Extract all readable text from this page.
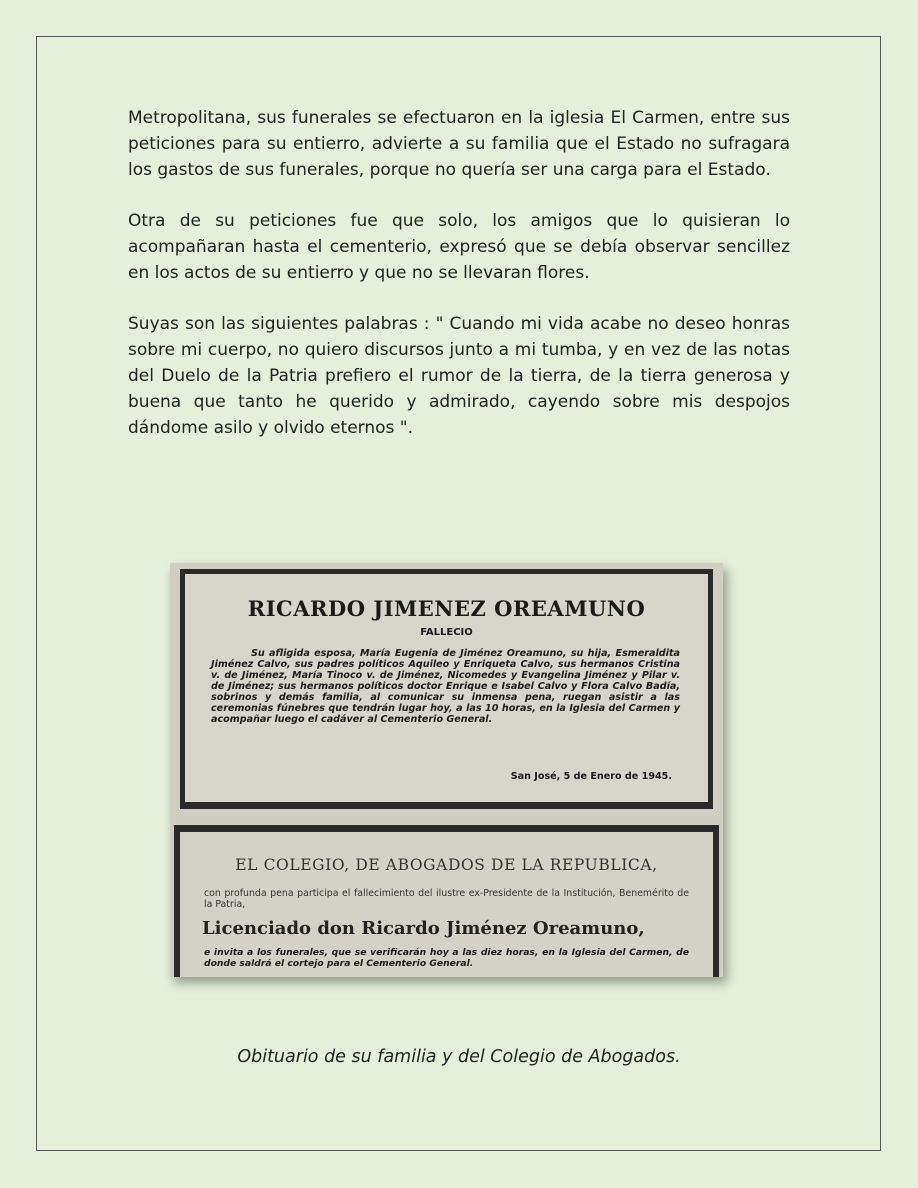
Metropolitana, sus funerales se efectuaron en la iglesia El Carmen, entre sus peticiones para su entierro, advierte a su familia que el Estado no sufragara los gastos de sus funerales, porque no quería ser una carga para el Estado.

Otra de su peticiones fue que solo, los amigos que lo quisieran lo acompañaran hasta el cementerio, expresó que se debía observar sencillez en los actos de su entierro y que no se llevaran flores.

Suyas son las siguientes palabras : " Cuando mi vida acabe no deseo honras sobre mi cuerpo, no quiero discursos junto a mi tumba, y en vez de las notas del Duelo de la Patria prefiero el rumor de la tierra, de la tierra generosa y buena que tanto he querido y admirado, cayendo sobre mis despojos dándome asilo y olvido eternos ".

RICARDO JIMENEZ OREAMUNO
FALLECIO
Su afligida esposa, María Eugenia de Jiménez Oreamuno, su hija, Esmeraldita Jiménez Calvo, sus padres políticos Aquileo y Enriqueta Calvo, sus hermanos Cristina v. de Jiménez, María Tinoco v. de Jiménez, Nicomedes y Evangelina Jiménez y Pilar v. de Jiménez; sus hermanos políticos doctor Enrique e Isabel Calvo y Flora Calvo Badía, sobrinos y demás familia, al comunicar su inmensa pena, ruegan asistir a las ceremonias fúnebres que tendrán lugar hoy, a las 10 horas, en la Iglesia del Carmen y acompañar luego el cadáver al Cementerio General.
San José, 5 de Enero de 1945.
EL COLEGIO, DE ABOGADOS DE LA REPUBLICA,
con profunda pena participa el fallecimiento del ilustre ex-Presidente de la Institución, Benemérito de la Patria,
Licenciado don Ricardo Jiménez Oreamuno,
e invita a los funerales, que se verificarán hoy a las diez horas, en la Iglesia del Carmen, de donde saldrá el cortejo para el Cementerio General.
Obituario de su familia y del Colegio de Abogados.
